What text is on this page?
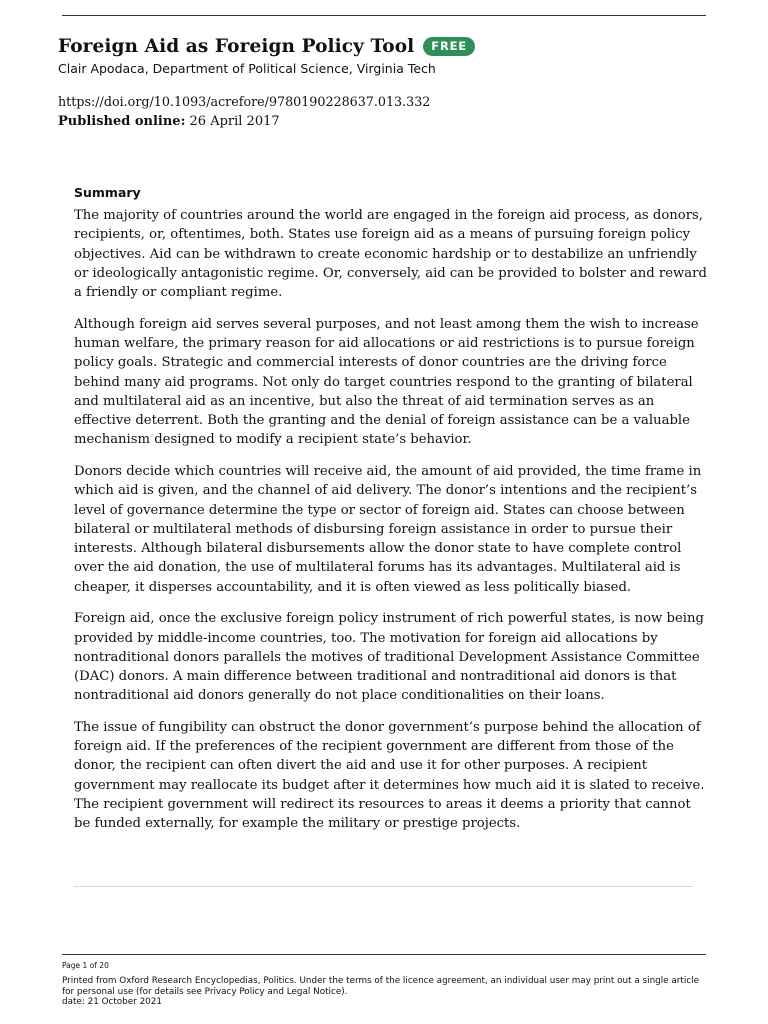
Foreign Aid as Foreign Policy Tool	FREE
Clair Apodaca, Department of Political Science, Virginia Tech
https://doi.org/10.1093/acrefore/9780190228637.013.332
Published online: 26 April 2017
Summary

The majority of countries around the world are engaged in the foreign aid process, as donors, recipients, or, oftentimes, both. States use foreign aid as a means of pursuing foreign policy objectives. Aid can be withdrawn to create economic hardship or to destabilize an unfriendly or ideologically antagonistic regime. Or, conversely, aid can be provided to bolster and reward a friendly or compliant regime.

Although foreign aid serves several purposes, and not least among them the wish to increase human welfare, the primary reason for aid allocations or aid restrictions is to pursue foreign policy goals. Strategic and commercial interests of donor countries are the driving force behind many aid programs. Not only do target countries respond to the granting of bilateral and multilateral aid as an incentive, but also the threat of aid termination serves as an effective deterrent. Both the granting and the denial of foreign assistance can be a valuable mechanism designed to modify a recipient state’s behavior.

Donors decide which countries will receive aid, the amount of aid provided, the time frame in which aid is given, and the channel of aid delivery. The donor’s intentions and the recipient’s level of governance determine the type or sector of foreign aid. States can choose between bilateral or multilateral methods of disbursing foreign assistance in order to pursue their interests. Although bilateral disbursements allow the donor state to have complete control over the aid donation, the use of multilateral forums has its advantages. Multilateral aid is cheaper, it disperses accountability, and it is often viewed as less politically biased.

Foreign aid, once the exclusive foreign policy instrument of rich powerful states, is now being provided by middle-income countries, too. The motivation for foreign aid allocations by nontraditional donors parallels the motives of traditional Development Assistance Committee (DAC) donors. A main difference between traditional and nontraditional aid donors is that nontraditional aid donors generally do not place conditionalities on their loans.

The issue of fungibility can obstruct the donor government’s purpose behind the allocation of foreign aid. If the preferences of the recipient government are different from those of the donor, the recipient can often divert the aid and use it for other purposes. A recipient government may reallocate its budget after it determines how much aid it is slated to receive. The recipient government will redirect its resources to areas it deems a priority that cannot be funded externally, for example the military or prestige projects.

Page 1 of 20
Printed from Oxford Research Encyclopedias, Politics. Under the terms of the licence agreement, an individual user may print out a single article for personal use (for details see Privacy Policy and Legal Notice).
date: 21 October 2021
